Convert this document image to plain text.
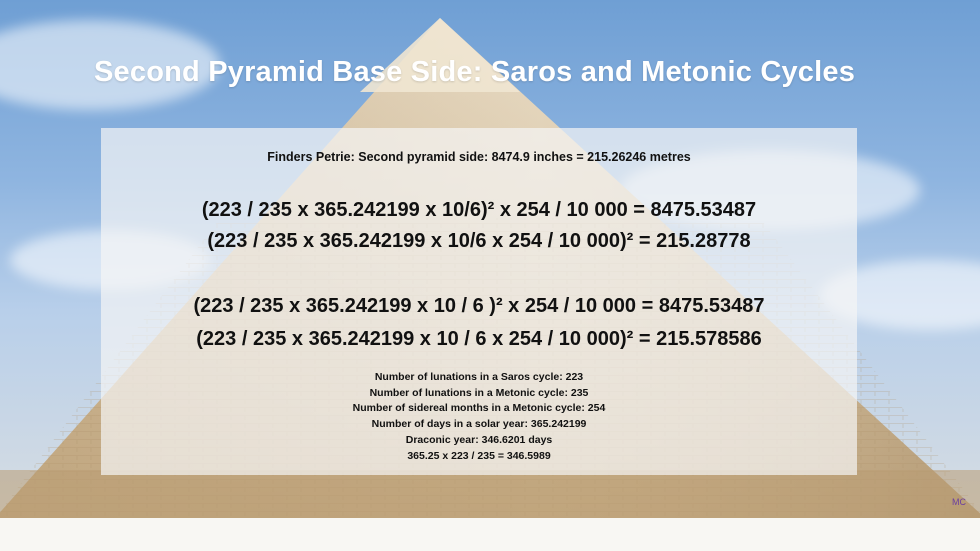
Second Pyramid Base Side: Saros and Metonic Cycles
Finders Petrie: Second pyramid side: 8474.9 inches = 215.26246 metres
(223 / 235 x 365.242199 x 10/6)² x 254 / 10 000 = 8475.53487
(223 / 235 x 365.242199 x 10/6 x 254 / 10 000)² = 215.28778
(223 / 235 x 365.242199 x 10 / 6 )² x 254 / 10 000 = 8475.53487
(223 / 235 x 365.242199 x 10 / 6 x 254 / 10 000)² = 215.578586
Number of lunations in a Saros cycle: 223
Number of lunations in a Metonic cycle: 235
Number of sidereal months in a Metonic cycle: 254
Number of days in a solar year: 365.242199
Draconic year: 346.6201 days
365.25 x 223 / 235 = 346.5989
MC
